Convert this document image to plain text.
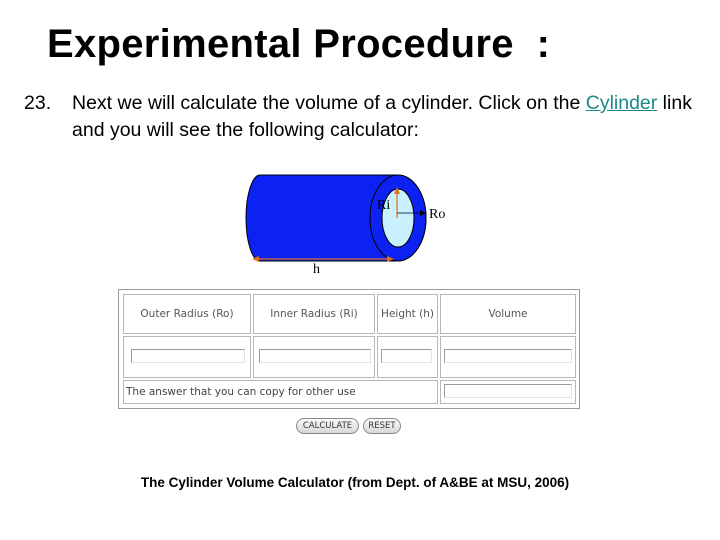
Experimental Procedure  :
23. Next we will calculate the volume of a cylinder. Click on the Cylinder link and you will see the following calculator:
Ri
Ro
h
Outer Radius (Ro)	Inner Radius (Ri)	Height (h)	Volume
The answer that you can copy for other use
CALCULATE	RESET
The Cylinder Volume Calculator (from Dept. of A&BE at MSU, 2006)
